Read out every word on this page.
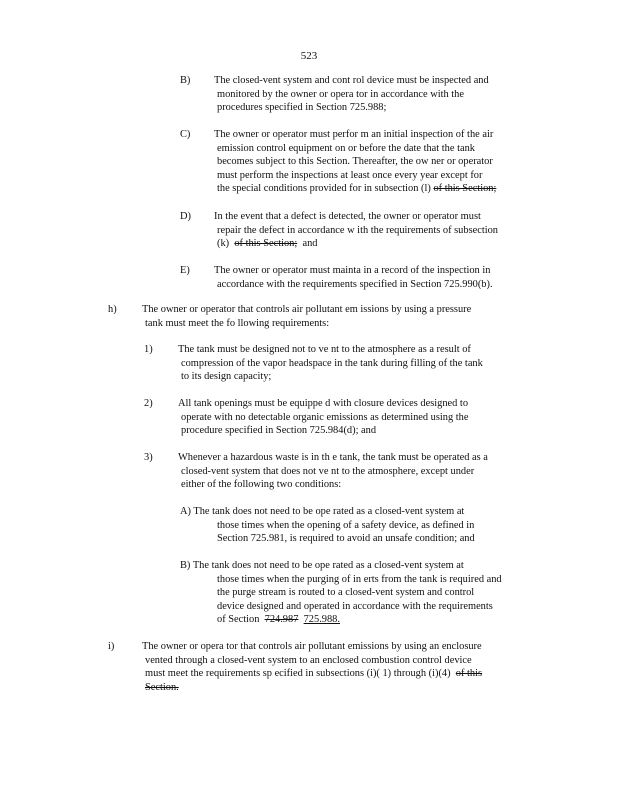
523
B) The closed-vent system and cont rol device must be inspected and
monitored by the owner or opera tor in accordance with the
procedures specified in Section 725.988;
C) The owner or operator must perfor m an initial inspection of the air
emission control equipment on or before the date that the tank
becomes subject to this Section. Thereafter, the ow ner or operator
must perform the inspections at least once every year except for
the special conditions provided for in subsection (l) of this Section;
D) In the event that a defect is detected, the owner or operator must
repair the defect in accordance w ith the requirements of subsection
(k) of this Section; and
E) The owner or operator must mainta in a record of the inspection in
accordance with the requirements specified in Section 725.990(b).
h) The owner or operator that controls air pollutant em issions by using a pressure
tank must meet the fo llowing requirements:
1) The tank must be designed not to ve nt to the atmosphere as a result of
compression of the vapor headspace in the tank during filling of the tank
to its design capacity;
2) All tank openings must be equippe d with closure devices designed to
operate with no detectable organic emissions as determined using the
procedure specified in Section 725.984(d); and
3) Whenever a hazardous waste is in th e tank, the tank must be operated as a
closed-vent system that does not ve nt to the atmosphere, except under
either of the following two conditions:
A) The tank does not need to be ope rated as a closed-vent system at
those times when the opening of a safety device, as defined in
Section 725.981, is required to avoid an unsafe condition; and
B) The tank does not need to be ope rated as a closed-vent system at
those times when the purging of in erts from the tank is required and
the purge stream is routed to a closed-vent system and control
device designed and operated in accordance with the requirements
of Section 724.987 725.988.
i)	The owner or opera tor that controls air pollutant emissions by using an enclosure
vented through a closed-vent system to an enclosed combustion control device
must meet the requirements sp ecified in subsections (i)( 1) through (i)(4) of this
Section.
